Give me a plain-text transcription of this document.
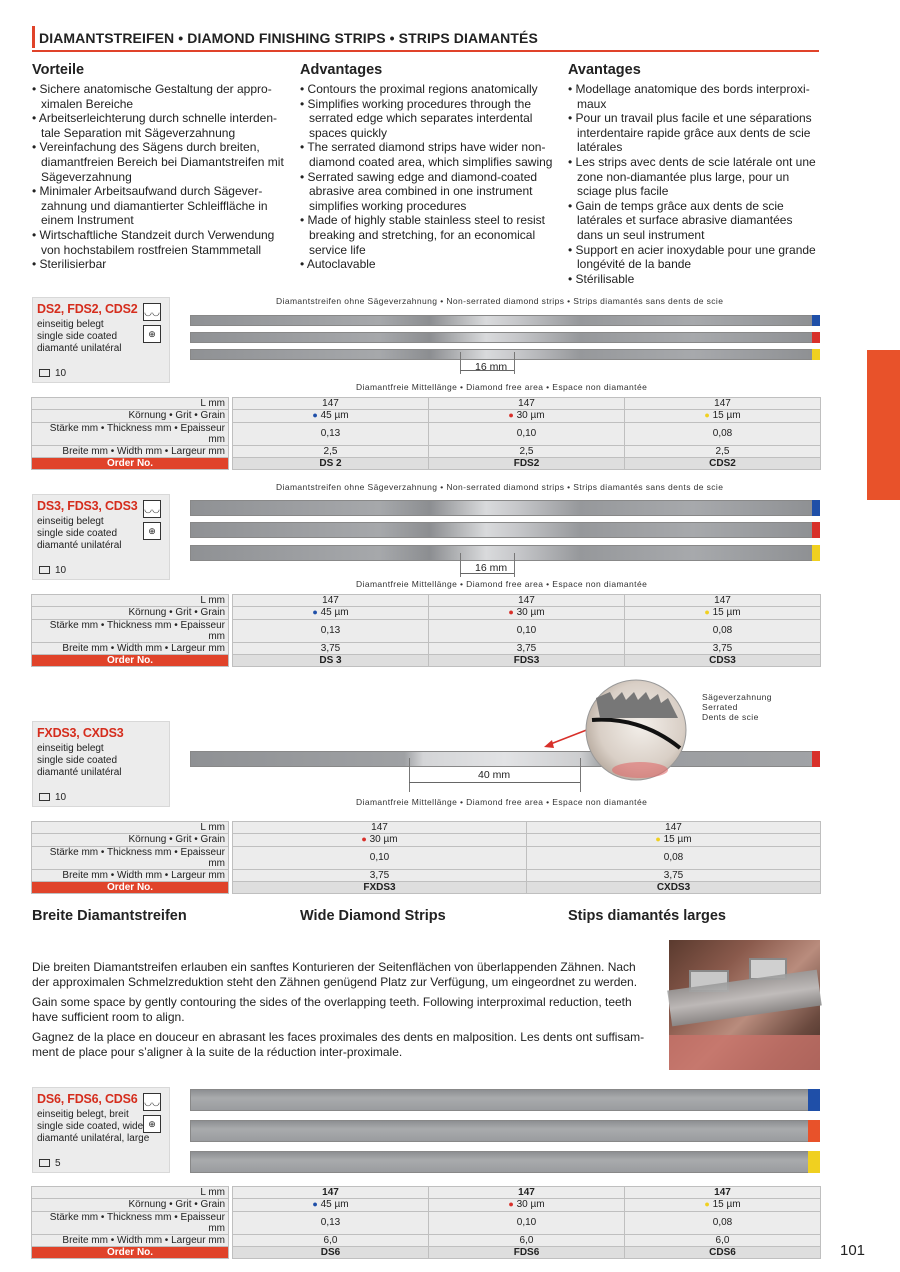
DIAMANTSTREIFEN • DIAMOND FINISHING STRIPS • STRIPS DIAMANTÉS
Vorteile
• Sichere anatomische Gestaltung der approximalen Bereiche
• Arbeitserleichterung durch schnelle interdentale Separation mit Sägeverzahnung
• Vereinfachung des Sägens durch breiten, diamantfreien Bereich bei Diamantstreifen mit Sägeverzahnung
• Minimaler Arbeitsaufwand durch Sägeverzahnung und diamantierter Schleiffläche in einem Instrument
• Wirtschaftliche Standzeit durch Verwendung von hochstabilem rostfreien Stammmetall
• Sterilisierbar
Advantages
• Contours the proximal regions anatomically
• Simplifies working procedures through the serrated edge which separates interdental spaces quickly
• The serrated diamond strips have wider non-diamond coated area, which simplifies sawing
• Serrated sawing edge and diamond-coated abrasive area combined in one instrument simplifies working procedures
• Made of highly stable stainless steel to resist breaking and stretching, for an economical service life
• Autoclavable
Avantages
• Modellage anatomique des bords interproximaux
• Pour un travail plus facile et une séparations interdentaire rapide grâce aux dents de scie latérales
• Les strips avec dents de scie latérale ont une zone non-diamantée plus large, pour un sciage plus facile
• Gain de temps grâce aux dents de scie latérales et surface abrasive diamantées dans un seul instrument
• Support en acier inoxydable pour une grande longévité de la bande
• Stérilisable
DS2, FDS2, CDS2
einseitig belegt
single side coated
diamanté unilatéral
10
◡◡
⊕
Diamantstreifen ohne Sägeverzahnung • Non-serrated diamond strips • Strips diamantés sans dents de scie
16 mm
Diamantfreie Mittellänge • Diamond free area • Espace non diamantée
L mm		147	147	147
Körnung • Grit • Grain		● 45 µm	● 30 µm	● 15 µm
Stärke mm • Thickness mm • Epaisseur mm		0,13	0,10	0,08
Breite mm • Width mm • Largeur mm		2,5	2,5	2,5
Order No.		DS 2	FDS2	CDS2
DS3, FDS3, CDS3
einseitig belegt
single side coated
diamanté unilatéral
10
◡◡
⊕
Diamantstreifen ohne Sägeverzahnung • Non-serrated diamond strips • Strips diamantés sans dents de scie
16 mm
Diamantfreie Mittellänge • Diamond free area • Espace non diamantée
L mm		147	147	147
Körnung • Grit • Grain		● 45 µm	● 30 µm	● 15 µm
Stärke mm • Thickness mm • Epaisseur mm		0,13	0,10	0,08
Breite mm • Width mm • Largeur mm		3,75	3,75	3,75
Order No.		DS 3	FDS3	CDS3
FXDS3, CXDS3
einseitig belegt
single side coated
diamanté unilatéral
10
40 mm
Diamantfreie Mittellänge • Diamond free area • Espace non diamantée
Sägeverzahnung
Serrated
Dents de scie
L mm		147	147
Körnung • Grit • Grain		● 30 µm	● 15 µm
Stärke mm • Thickness mm • Epaisseur mm		0,10	0,08
Breite mm • Width mm • Largeur mm		3,75	3,75
Order No.		FXDS3	CXDS3
Breite Diamantstreifen	Wide Diamond Strips	Stips diamantés larges
Die breiten Diamantstreifen erlauben ein sanftes Konturieren der Seitenflächen von überlappenden Zähnen. Nach der approximalen Schmelzreduktion steht den Zähnen genügend Platz zur Verfügung, um eingeordnet zu werden.
Gain some space by gently contouring the sides of the overlapping teeth. Following interproximal reduction, teeth have sufficient room to align.
Gagnez de la place en douceur en abrasant les faces proximales des dents en malposition. Les dents ont suffisamment de place pour s’aligner à la suite de la réduction inter-proximale.
DS6, FDS6, CDS6
einseitig belegt, breit
single side coated, wide
diamanté unilatéral, large
5
◡◡
⊕
L mm		147	147	147
Körnung • Grit • Grain		● 45 µm	● 30 µm	● 15 µm
Stärke mm • Thickness mm • Epaisseur mm		0,13	0,10	0,08
Breite mm • Width mm • Largeur mm		6,0	6,0	6,0
Order No.		DS6	FDS6	CDS6	101
